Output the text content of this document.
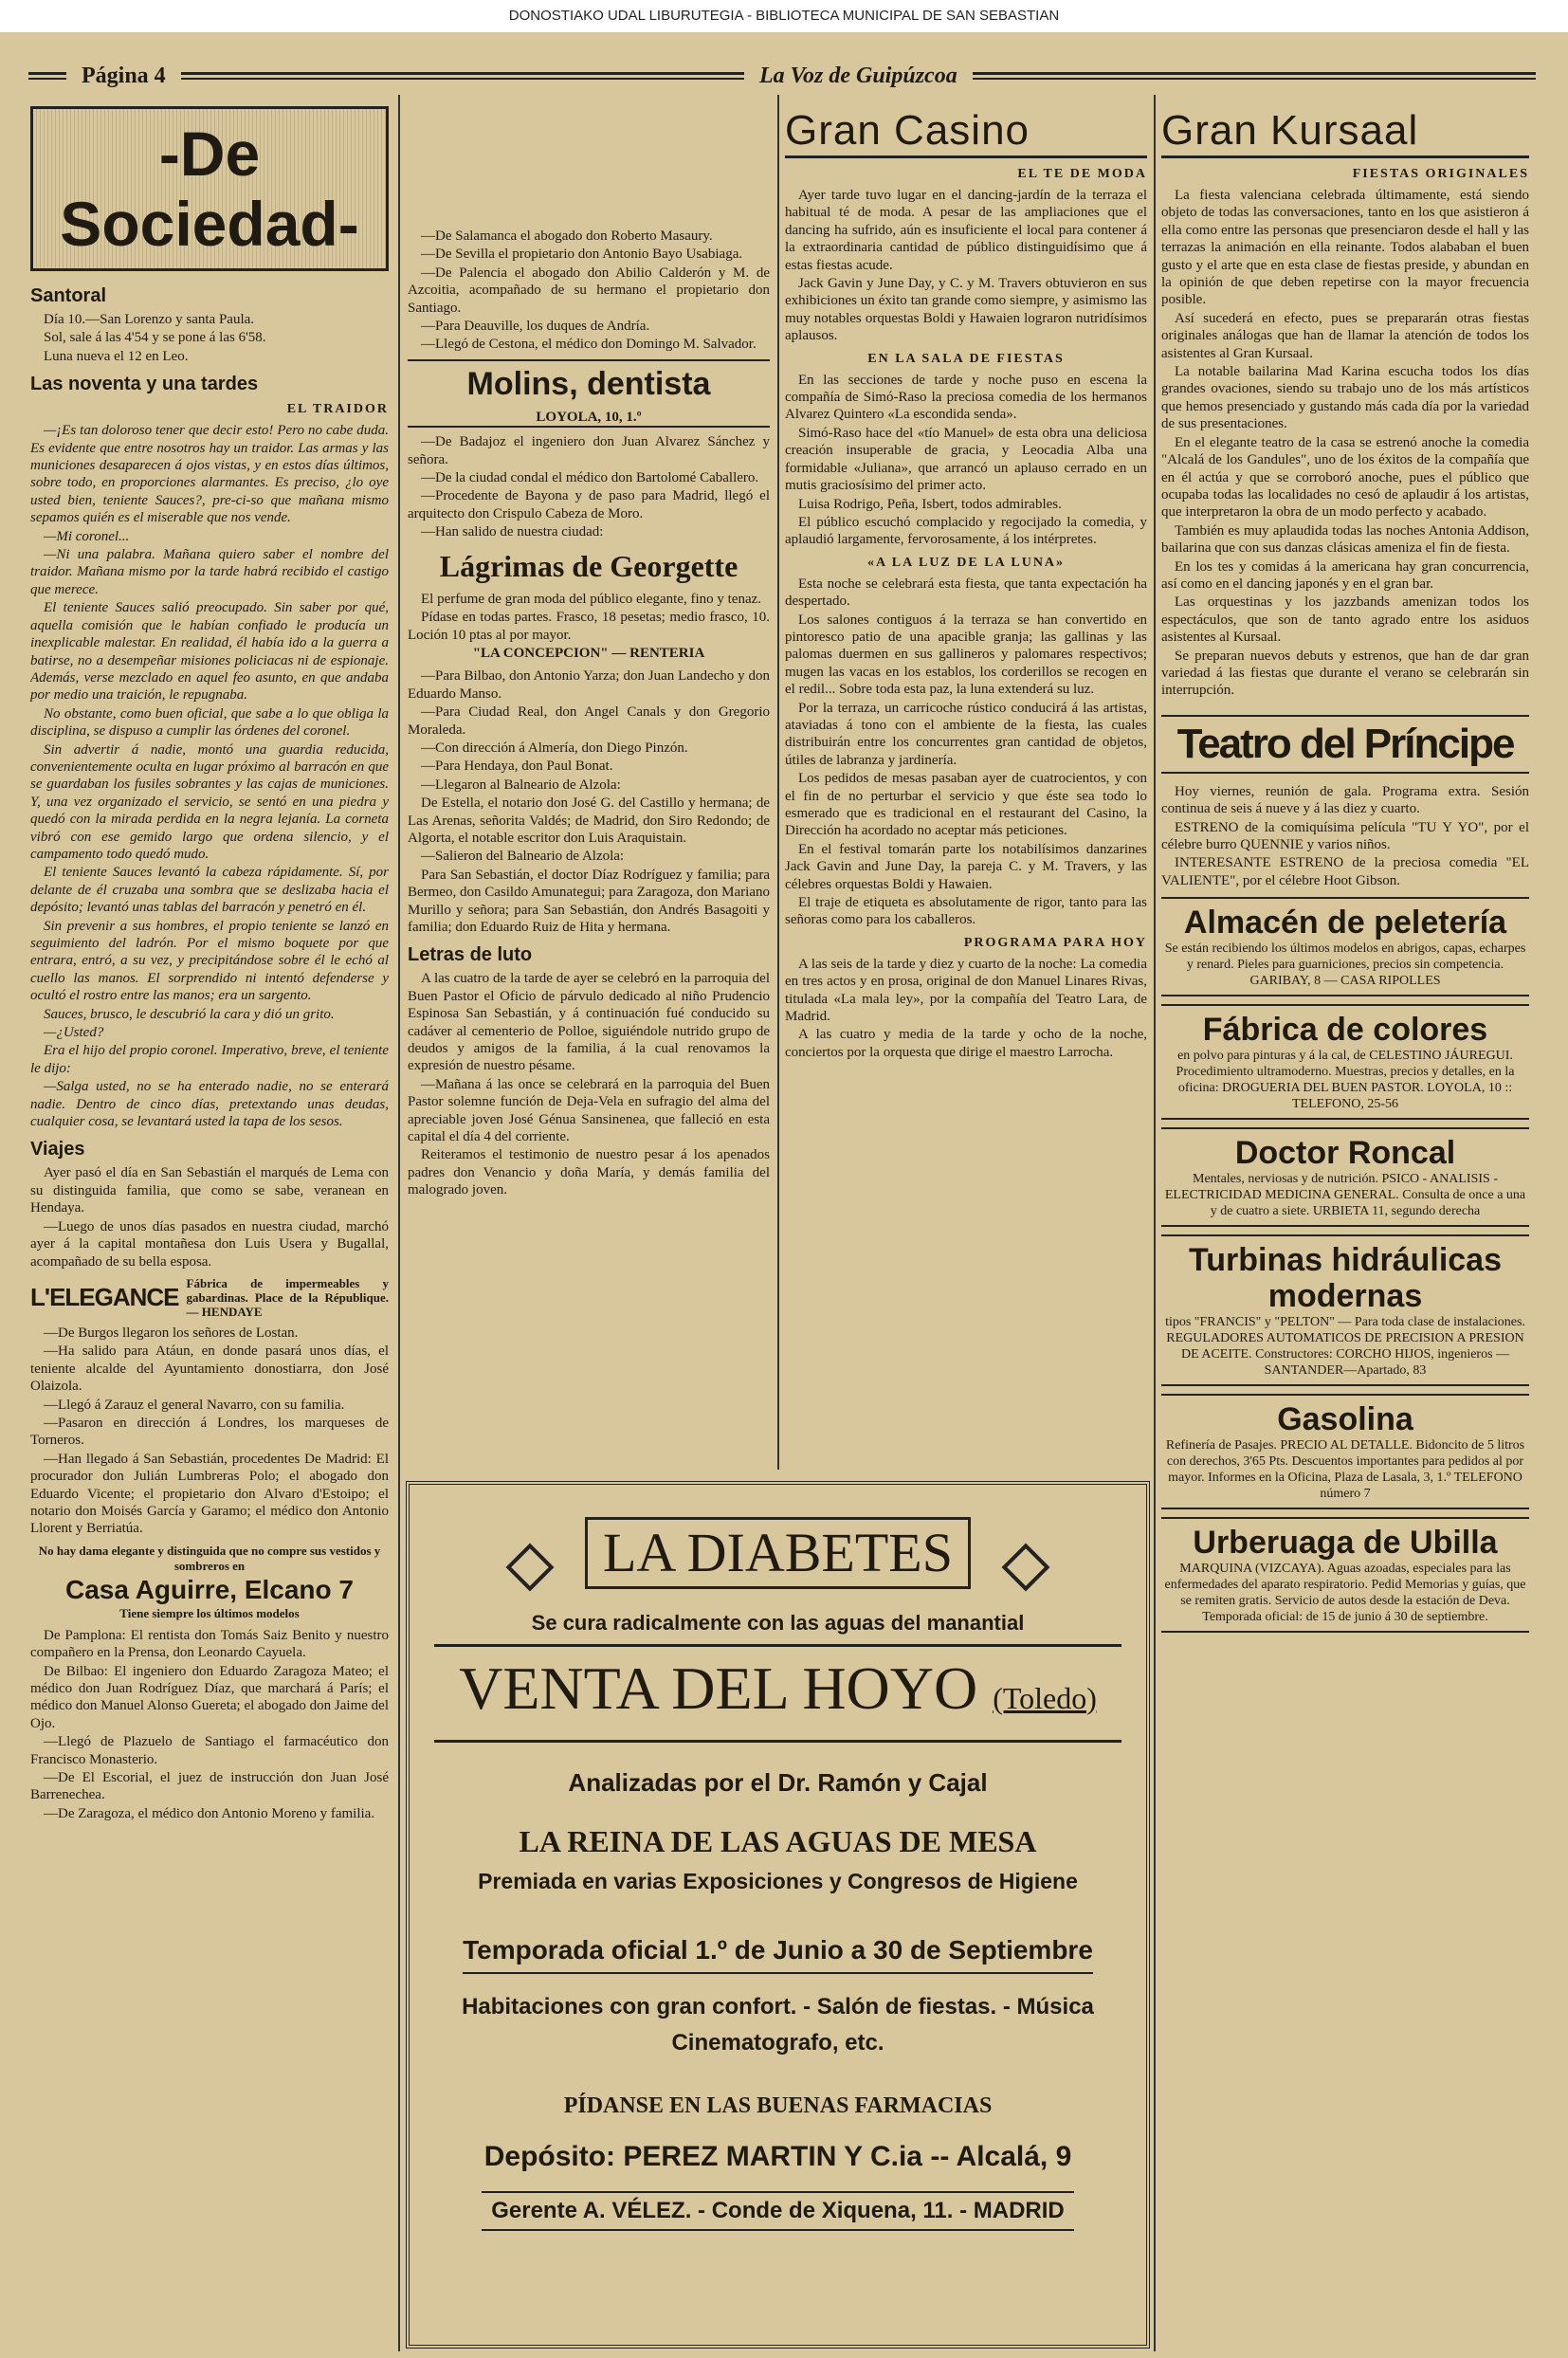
DONOSTIAKO UDAL LIBURUTEGIA - BIBLIOTECA MUNICIPAL DE SAN SEBASTIAN
Página 4	La Voz de Guipúzcoa
-De Sociedad-
Santoral

Día 10.—San Lorenzo y santa Paula.

Sol, sale á las 4'54 y se pone á las 6'58.

Luna nueva el 12 en Leo.

Las noventa y una tardes
EL TRAIDOR

—¡Es tan doloroso tener que decir esto! Pero no cabe duda. Es evidente que entre nosotros hay un traidor. Las armas y las municiones desaparecen á ojos vistas, y en estos días últimos, sobre todo, en proporciones alarmantes. Es preciso, ¿lo oye usted bien, teniente Sauces?, pre-ci-so que mañana mismo sepamos quién es el miserable que nos vende.

—Mi coronel...

—Ni una palabra. Mañana quiero saber el nombre del traidor. Mañana mismo por la tarde habrá recibido el castigo que merece.

El teniente Sauces salió preocupado. Sin saber por qué, aquella comisión que le habían confiado le producía un inexplicable malestar. En realidad, él había ido a la guerra a batirse, no a desempeñar misiones policiacas ni de espionaje. Además, verse mezclado en aquel feo asunto, en que andaba por medio una traición, le repugnaba.

No obstante, como buen oficial, que sabe a lo que obliga la disciplina, se dispuso a cumplir las órdenes del coronel.

Sin advertir á nadie, montó una guardia reducida, convenientemente oculta en lugar próximo al barracón en que se guardaban los fusiles sobrantes y las cajas de municiones. Y, una vez organizado el servicio, se sentó en una piedra y quedó con la mirada perdida en la negra lejanía. La corneta vibró con ese gemido largo que ordena silencio, y el campamento todo quedó mudo.

El teniente Sauces levantó la cabeza rápidamente. Sí, por delante de él cruzaba una sombra que se deslizaba hacia el depósito; levantó unas tablas del barracón y penetró en él.

Sin prevenir a sus hombres, el propio teniente se lanzó en seguimiento del ladrón. Por el mismo boquete por que entrara, entró, a su vez, y precipitándose sobre él le echó al cuello las manos. El sorprendido ni intentó defenderse y ocultó el rostro entre las manos; era un sargento.

Sauces, brusco, le descubrió la cara y dió un grito.

—¿Usted?

Era el hijo del propio coronel. Imperativo, breve, el teniente le dijo:

—Salga usted, no se ha enterado nadie, no se enterará nadie. Dentro de cinco días, pretextando unas deudas, cualquier cosa, se levantará usted la tapa de los sesos.

Viajes

Ayer pasó el día en San Sebastián el marqués de Lema con su distinguida familia, que como se sabe, veranean en Hendaya.

—Luego de unos días pasados en nuestra ciudad, marchó ayer á la capital montañesa don Luis Usera y Bugallal, acompañado de su bella esposa.

L'ELEGANCE Fábrica de impermeables y gabardinas. Place de la République. — HENDAYE

—De Burgos llegaron los señores de Lostan.

—Ha salido para Atáun, en donde pasará unos días, el teniente alcalde del Ayuntamiento donostiarra, don José Olaizola.

—Llegó á Zarauz el general Navarro, con su familia.

—Pasaron en dirección á Londres, los marqueses de Torneros.

—Han llegado á San Sebastián, procedentes De Madrid: El procurador don Julián Lumbreras Polo; el abogado don Eduardo Vicente; el propietario don Alvaro d'Estoipo; el notario don Moisés García y Garamo; el médico don Antonio Llorent y Berriatúa.

No hay dama elegante y distinguida que no compre sus vestidos y sombreros en
Casa Aguirre, Elcano 7
Tiene siempre los últimos modelos

De Pamplona: El rentista don Tomás Saiz Benito y nuestro compañero en la Prensa, don Leonardo Cayuela.

De Bilbao: El ingeniero don Eduardo Zaragoza Mateo; el médico don Juan Rodríguez Díaz, que marchará á París; el médico don Manuel Alonso Guereta; el abogado don Jaime del Ojo.

—Llegó de Plazuelo de Santiago el farmacéutico don Francisco Monasterio.

—De El Escorial, el juez de instrucción don Juan José Barrenechea.

—De Zaragoza, el médico don Antonio Moreno y familia.

—De Salamanca el abogado don Roberto Masaury.

—De Sevilla el propietario don Antonio Bayo Usabiaga.

—De Palencia el abogado don Abilio Calderón y M. de Azcoitia, acompañado de su hermano el propietario don Santiago.

—Para Deauville, los duques de Andría.

—Llegó de Cestona, el médico don Domingo M. Salvador.

Molins, dentista
LOYOLA, 10, 1.º

—De Badajoz el ingeniero don Juan Alvarez Sánchez y señora.

—De la ciudad condal el médico don Bartolomé Caballero.

—Procedente de Bayona y de paso para Madrid, llegó el arquitecto don Crispulo Cabeza de Moro.

—Han salido de nuestra ciudad:

Lágrimas de Georgette

El perfume de gran moda del público elegante, fino y tenaz.

Pídase en todas partes. Frasco, 18 pesetas; medio frasco, 10. Loción 10 ptas al por mayor.

"LA CONCEPCION" — RENTERIA

—Para Bilbao, don Antonio Yarza; don Juan Landecho y don Eduardo Manso.

—Para Ciudad Real, don Angel Canals y don Gregorio Moraleda.

—Con dirección á Almería, don Diego Pinzón.

—Para Hendaya, don Paul Bonat.

—Llegaron al Balneario de Alzola:

De Estella, el notario don José G. del Castillo y hermana; de Las Arenas, señorita Valdés; de Madrid, don Siro Redondo; de Algorta, el notable escritor don Luis Araquistain.

—Salieron del Balneario de Alzola:

Para San Sebastián, el doctor Díaz Rodríguez y familia; para Bermeo, don Casildo Amunategui; para Zaragoza, don Mariano Murillo y señora; para San Sebastián, don Andrés Basagoiti y familia; don Eduardo Ruiz de Hita y hermana.

Letras de luto

A las cuatro de la tarde de ayer se celebró en la parroquia del Buen Pastor el Oficio de párvulo dedicado al niño Prudencio Espinosa San Sebastián, y á continuación fué conducido su cadáver al cementerio de Polloe, siguiéndole nutrido grupo de deudos y amigos de la familia, á la cual renovamos la expresión de nuestro pésame.

—Mañana á las once se celebrará en la parroquia del Buen Pastor solemne función de Deja-Vela en sufragio del alma del apreciable joven José Génua Sansinenea, que falleció en esta capital el día 4 del corriente.

Reiteramos el testimonio de nuestro pesar á los apenados padres don Venancio y doña María, y demás familia del malogrado joven.

Gran Casino
EL TE DE MODA

Ayer tarde tuvo lugar en el dancing-jardín de la terraza el habitual té de moda. A pesar de las ampliaciones que el dancing ha sufrido, aún es insuficiente el local para contener á la extraordinaria cantidad de público distinguidísimo que á estas fiestas acude.

Jack Gavin y June Day, y C. y M. Travers obtuvieron en sus exhibiciones un éxito tan grande como siempre, y asimismo las muy notables orquestas Boldi y Hawaien lograron nutridísimos aplausos.

EN LA SALA DE FIESTAS

En las secciones de tarde y noche puso en escena la compañía de Simó-Raso la preciosa comedia de los hermanos Alvarez Quintero «La escondida senda».

Simó-Raso hace del «tío Manuel» de esta obra una deliciosa creación insuperable de gracia, y Leocadia Alba una formidable «Juliana», que arrancó un aplauso cerrado en un mutis graciosísimo del primer acto.

Luisa Rodrigo, Peña, Isbert, todos admirables.

El público escuchó complacido y regocijado la comedia, y aplaudió largamente, fervorosamente, á los intérpretes.

«A LA LUZ DE LA LUNA»

Esta noche se celebrará esta fiesta, que tanta expectación ha despertado.

Los salones contiguos á la terraza se han convertido en pintoresco patio de una apacible granja; las gallinas y las palomas duermen en sus gallineros y palomares respectivos; mugen las vacas en los establos, los corderillos se recogen en el redil... Sobre toda esta paz, la luna extenderá su luz.

Por la terraza, un carricoche rústico conducirá á las artistas, ataviadas á tono con el ambiente de la fiesta, las cuales distribuirán entre los concurrentes gran cantidad de objetos, útiles de labranza y jardinería.

Los pedidos de mesas pasaban ayer de cuatrocientos, y con el fin de no perturbar el servicio y que éste sea todo lo esmerado que es tradicional en el restaurant del Casino, la Dirección ha acordado no aceptar más peticiones.

En el festival tomarán parte los notabilísimos danzarines Jack Gavin and June Day, la pareja C. y M. Travers, y las célebres orquestas Boldi y Hawaien.

El traje de etiqueta es absolutamente de rigor, tanto para las señoras como para los caballeros.

PROGRAMA PARA HOY

A las seis de la tarde y diez y cuarto de la noche: La comedia en tres actos y en prosa, original de don Manuel Linares Rivas, titulada «La mala ley», por la compañía del Teatro Lara, de Madrid.

A las cuatro y media de la tarde y ocho de la noche, conciertos por la orquesta que dirige el maestro Larrocha.

Gran Kursaal
FIESTAS ORIGINALES

La fiesta valenciana celebrada últimamente, está siendo objeto de todas las conversaciones, tanto en los que asistieron á ella como entre las personas que presenciaron desde el hall y las terrazas la animación en ella reinante. Todos alababan el buen gusto y el arte que en esta clase de fiestas preside, y abundan en la opinión de que deben repetirse con la mayor frecuencia posible.

Así sucederá en efecto, pues se prepararán otras fiestas originales análogas que han de llamar la atención de todos los asistentes al Gran Kursaal.

La notable bailarina Mad Karina escucha todos los días grandes ovaciones, siendo su trabajo uno de los más artísticos que hemos presenciado y gustando más cada día por la variedad de sus presentaciones.

En el elegante teatro de la casa se estrenó anoche la comedia "Alcalá de los Gandules", uno de los éxitos de la compañía que en él actúa y que se corroboró anoche, pues el público que ocupaba todas las localidades no cesó de aplaudir á los artistas, que interpretaron la obra de un modo perfecto y acabado.

También es muy aplaudida todas las noches Antonia Addison, bailarina que con sus danzas clásicas ameniza el fin de fiesta.

En los tes y comidas á la americana hay gran concurrencia, así como en el dancing japonés y en el gran bar.

Las orquestinas y los jazzbands amenizan todos los espectáculos, que son de tanto agrado entre los asiduos asistentes al Kursaal.

Se preparan nuevos debuts y estrenos, que han de dar gran variedad á las fiestas que durante el verano se celebrarán sin interrupción.

Teatro del Príncipe

Hoy viernes, reunión de gala. Programa extra. Sesión continua de seis á nueve y á las diez y cuarto.

ESTRENO de la comiquísima película "TU Y YO", por el célebre burro QUENNIE y varios niños.

INTERESANTE ESTRENO de la preciosa comedia "EL VALIENTE", por el célebre Hoot Gibson.

Almacén de peletería
Se están recibiendo los últimos modelos en abrigos, capas, echarpes y renard. Pieles para guarniciones, precios sin competencia. GARIBAY, 8 — CASA RIPOLLES
Fábrica de colores
en polvo para pinturas y á la cal, de CELESTINO JÁUREGUI. Procedimiento ultramoderno. Muestras, precios y detalles, en la oficina: DROGUERIA DEL BUEN PASTOR. LOYOLA, 10 :: TELEFONO, 25-56
Doctor Roncal
Mentales, nerviosas y de nutrición. PSICO - ANALISIS - ELECTRICIDAD MEDICINA GENERAL. Consulta de once a una y de cuatro a siete. URBIETA 11, segundo derecha
Turbinas hidráulicas modernas
tipos "FRANCIS" y "PELTON" — Para toda clase de instalaciones. REGULADORES AUTOMATICOS DE PRECISION A PRESION DE ACEITE. Constructores: CORCHO HIJOS, ingenieros — SANTANDER—Apartado, 83
Gasolina
Refinería de Pasajes. PRECIO AL DETALLE. Bidoncito de 5 litros con derechos, 3'65 Pts. Descuentos importantes para pedidos al por mayor. Informes en la Oficina, Plaza de Lasala, 3, 1.º TELEFONO número 7
Urberuaga de Ubilla
MARQUINA (VIZCAYA). Aguas azoadas, especiales para las enfermedades del aparato respiratorio. Pedid Memorias y guías, que se remiten gratis. Servicio de autos desde la estación de Deva. Temporada oficial: de 15 de junio á 30 de septiembre.
LA DIABETES
Se cura radicalmente con las aguas del manantial
VENTA DEL HOYO (Toledo)
Analizadas por el Dr. Ramón y Cajal
LA REINA DE LAS AGUAS DE MESA
Premiada en varias Exposiciones y Congresos de Higiene
Temporada oficial 1.º de Junio a 30 de Septiembre
Habitaciones con gran confort. - Salón de fiestas. - Música
Cinematografo, etc.
PÍDANSE EN LAS BUENAS FARMACIAS
Depósito: PEREZ MARTIN Y C.ia -- Alcalá, 9
Gerente A. VÉLEZ. - Conde de Xiquena, 11. - MADRID
